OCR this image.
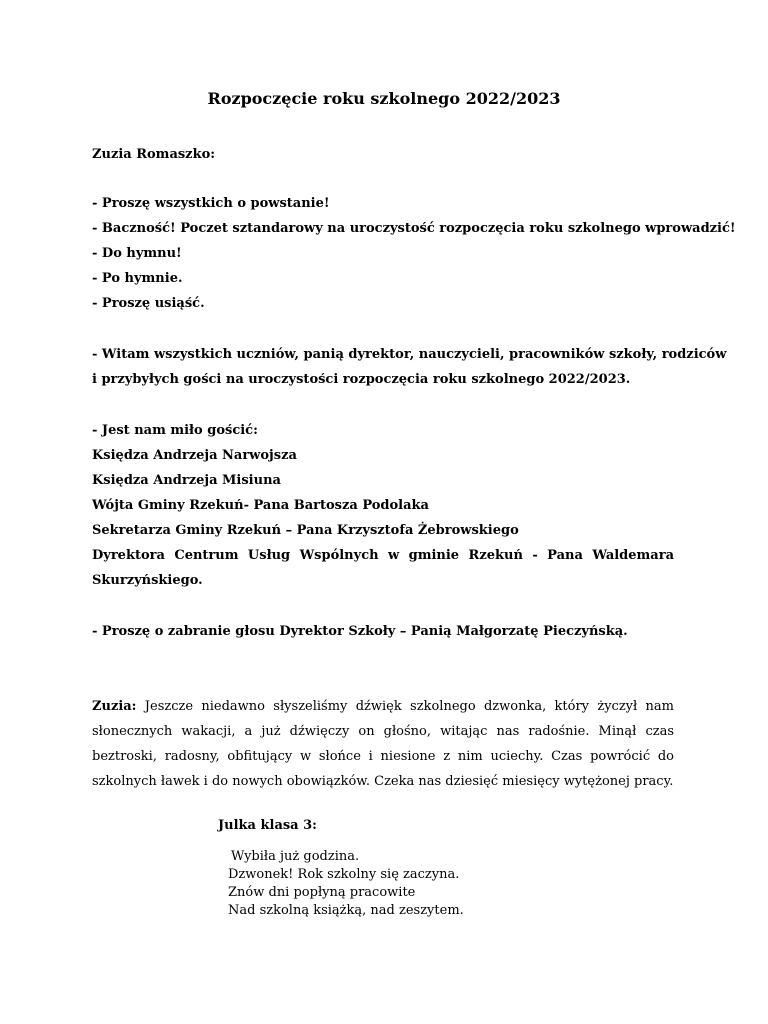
Rozpoczęcie roku szkolnego 2022/2023
Zuzia Romaszko:
- Proszę wszystkich o powstanie!
- Baczność! Poczet sztandarowy na uroczystość rozpoczęcia roku szkolnego wprowadzić!
- Do hymnu!
- Po hymnie.
- Proszę usiąść.
- Witam wszystkich uczniów, panią dyrektor, nauczycieli, pracowników szkoły, rodziców
i przybyłych gości na uroczystości rozpoczęcia roku szkolnego 2022/2023.
- Jest nam miło gościć:
Księdza Andrzeja Narwojsza
Księdza Andrzeja Misiuna
Wójta Gminy Rzekuń- Pana Bartosza Podolaka
Sekretarza Gminy Rzekuń – Pana Krzysztofa Żebrowskiego
Dyrektora Centrum Usług Wspólnych w gminie Rzekuń - Pana Waldemara
Skurzyńskiego.
- Proszę o zabranie głosu Dyrektor Szkoły – Panią Małgorzatę Pieczyńską.
Zuzia: Jeszcze niedawno słyszeliśmy dźwięk szkolnego dzwonka, który życzył nam słonecznych wakacji, a już dźwięczy on głośno, witając nas radośnie. Minął czas beztroski, radosny, obfitujący w słońce i niesione z nim uciechy. Czas powrócić do szkolnych ławek i do nowych obowiązków. Czeka nas dziesięć miesięcy wytężonej pracy.
Julka klasa 3:
Wybiła już godzina.
Dzwonek! Rok szkolny się zaczyna.
Znów dni popłyną pracowite
Nad szkolną książką, nad zeszytem.
